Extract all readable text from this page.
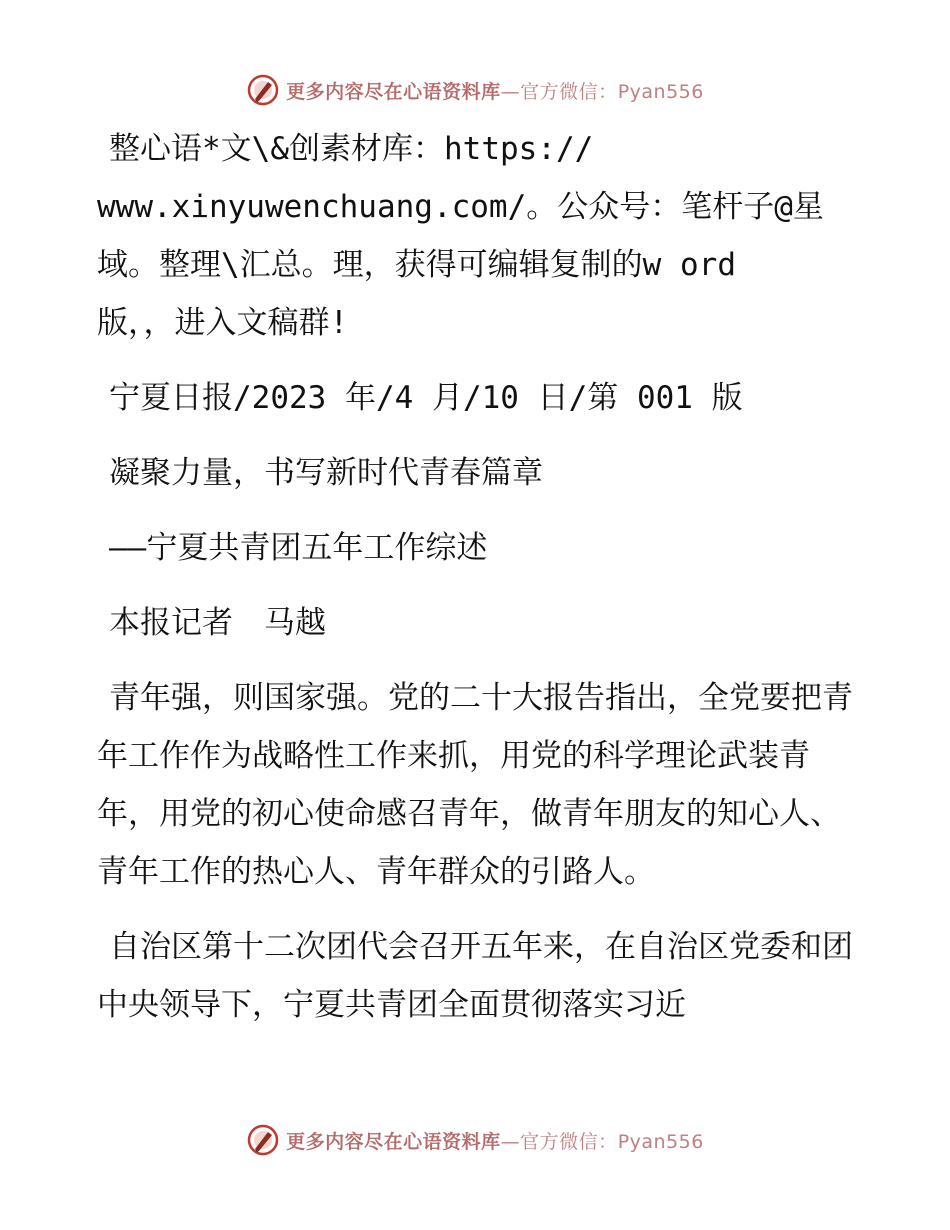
更多内容尽在心语资料库—官方微信：Pyan556

整心语*文\&创素材库：https://
www.xinyuwenchuang.com/。公众号：笔杆子@星
域。整理\汇总。理，获得可编辑复制的w ord
版，，进入文稿群!

宁夏日报/2023 年/4 月/10 日/第 001 版

凝聚力量，书写新时代青春篇章

——宁夏共青团五年工作综述

本报记者　马越

青年强，则国家强。党的二十大报告指出，全党要把青年工作作为战略性工作来抓，用党的科学理论武装青年，用党的初心使命感召青年，做青年朋友的知心人、青年工作的热心人、青年群众的引路人。

自治区第十二次团代会召开五年来，在自治区党委和团中央领导下，宁夏共青团全面贯彻落实习近

更多内容尽在心语资料库—官方微信：Pyan556
